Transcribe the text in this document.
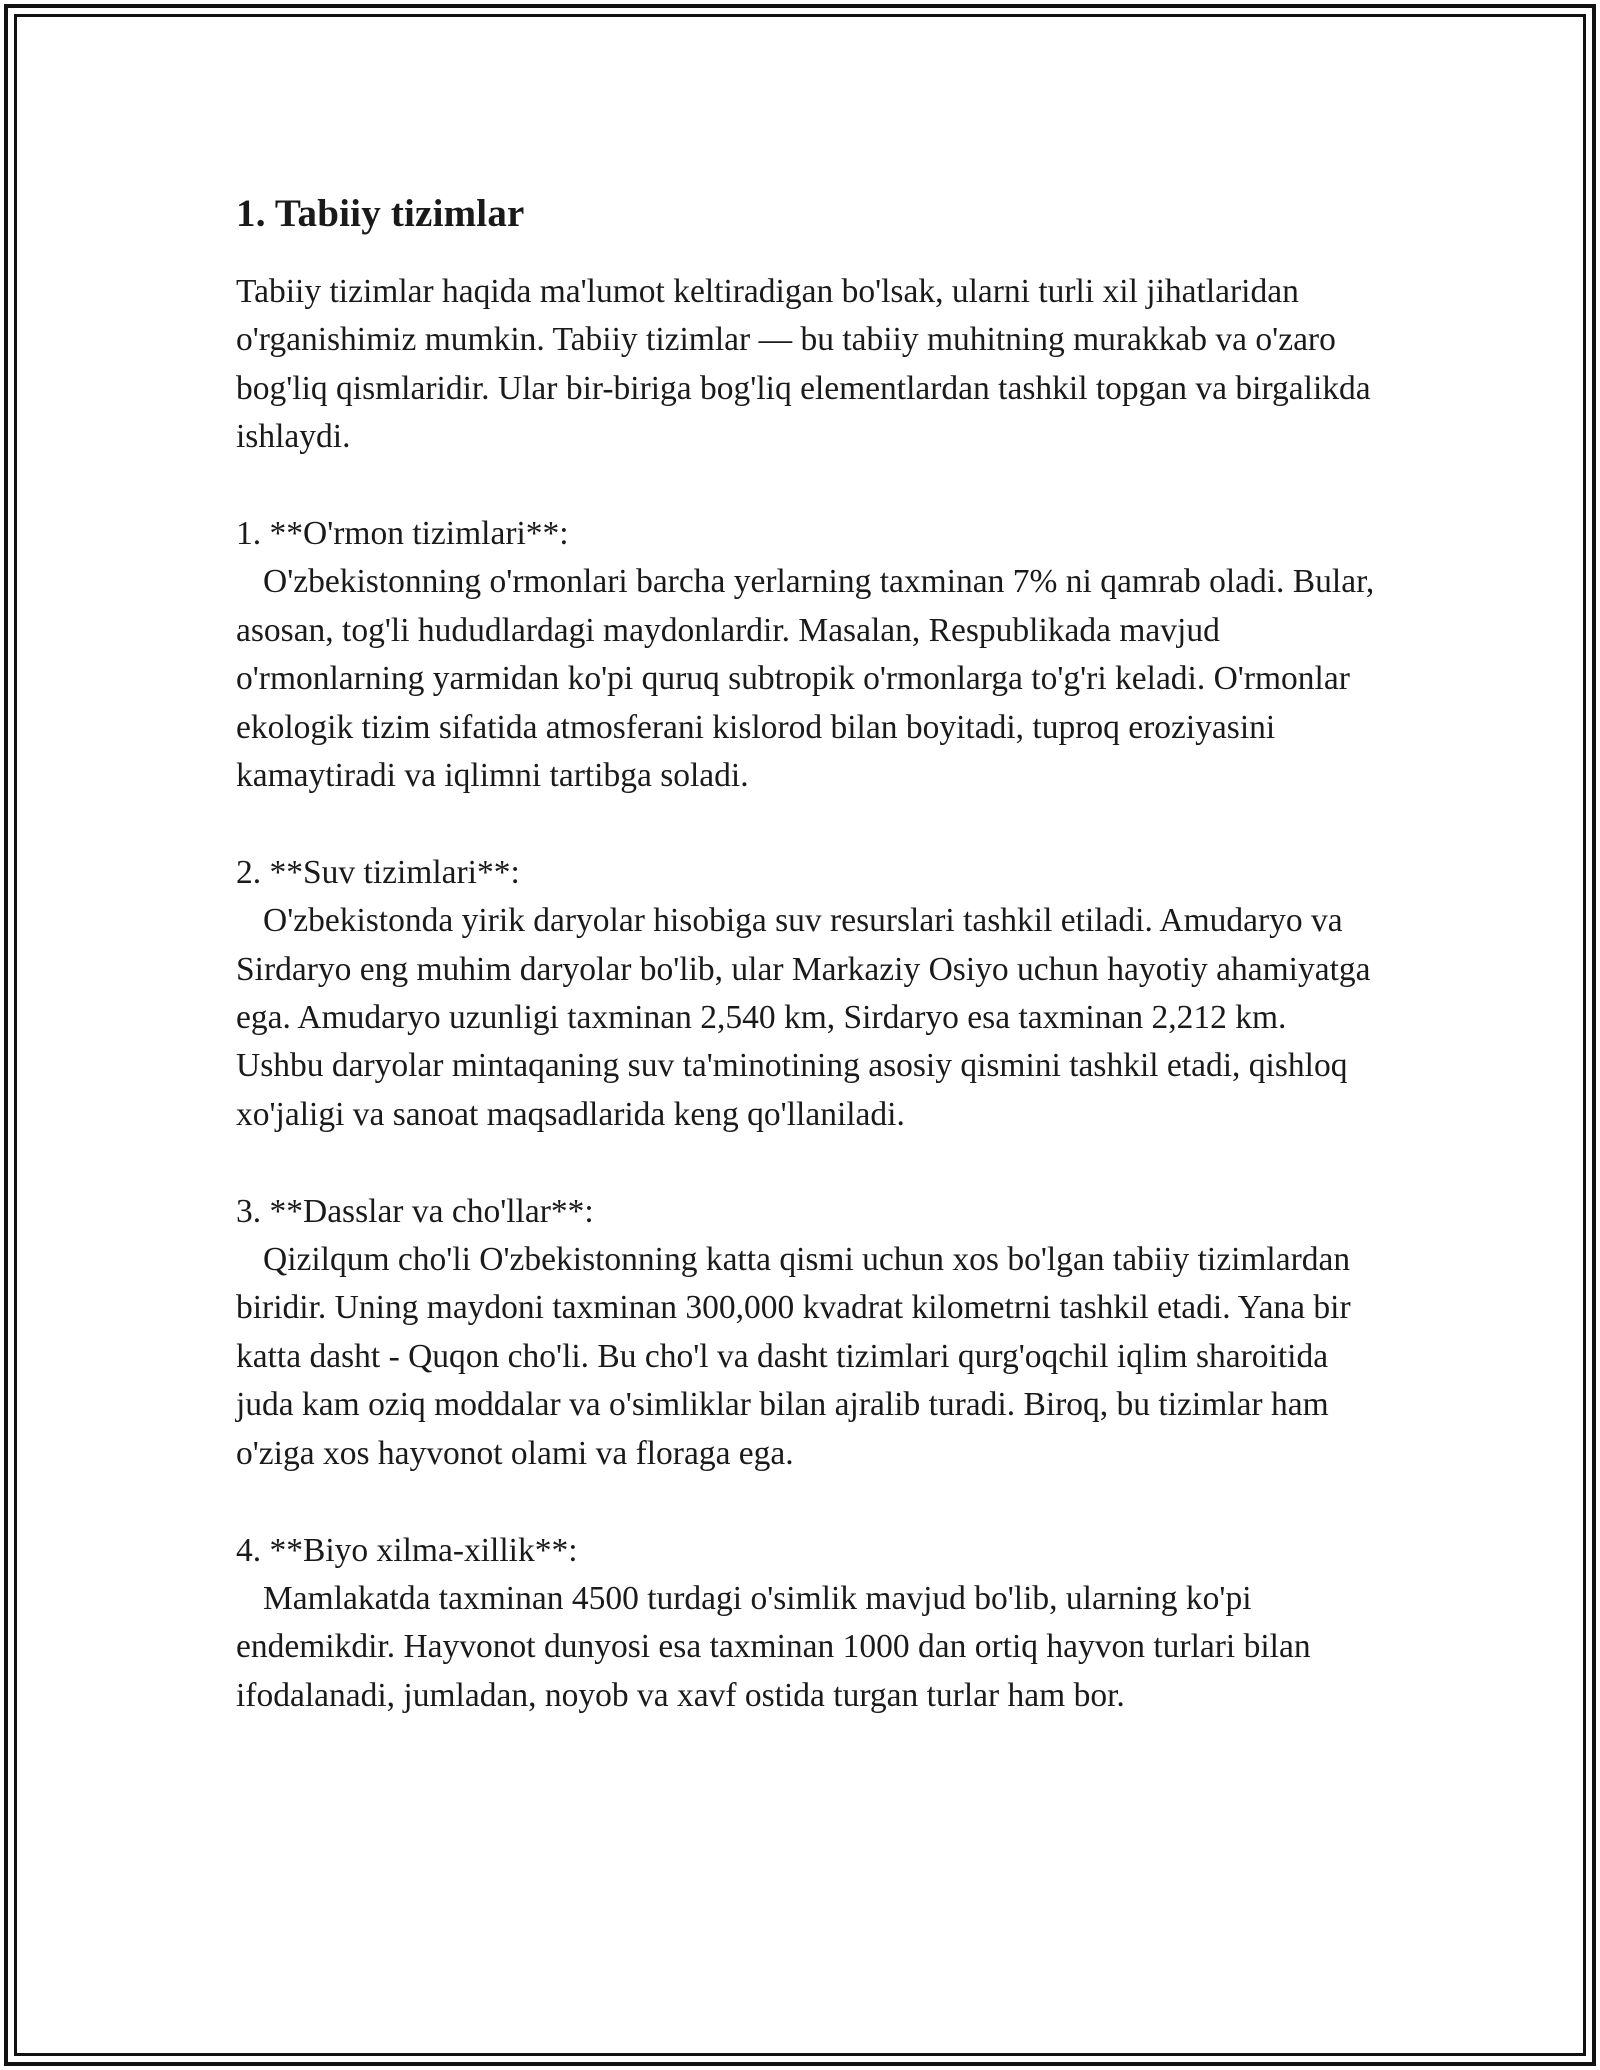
1. Tabiiy tizimlar

Tabiiy tizimlar haqida ma'lumot keltiradigan bo'lsak, ularni turli xil jihatlaridan o'rganishimiz mumkin. Tabiiy tizimlar — bu tabiiy muhitning murakkab va o'zaro bog'liq qismlaridir. Ular bir-biriga bog'liq elementlardan tashkil topgan va birgalikda ishlaydi.

1. **O'rmon tizimlari**:

O'zbekistonning o'rmonlari barcha yerlarning taxminan 7% ni qamrab oladi. Bular, asosan, tog'li hududlardagi maydonlardir. Masalan, Respublikada mavjud o'rmonlarning yarmidan ko'pi quruq subtropik o'rmonlarga to'g'ri keladi. O'rmonlar ekologik tizim sifatida atmosferani kislorod bilan boyitadi, tuproq eroziyasini kamaytiradi va iqlimni tartibga soladi.

2. **Suv tizimlari**:

O'zbekistonda yirik daryolar hisobiga suv resurslari tashkil etiladi. Amudaryo va Sirdaryo eng muhim daryolar bo'lib, ular Markaziy Osiyo uchun hayotiy ahamiyatga ega. Amudaryo uzunligi taxminan 2,540 km, Sirdaryo esa taxminan 2,212 km. Ushbu daryolar mintaqaning suv ta'minotining asosiy qismini tashkil etadi, qishloq xo'jaligi va sanoat maqsadlarida keng qo'llaniladi.

3. **Dasslar va cho'llar**:

Qizilqum cho'li O'zbekistonning katta qismi uchun xos bo'lgan tabiiy tizimlardan biridir. Uning maydoni taxminan 300,000 kvadrat kilometrni tashkil etadi. Yana bir katta dasht - Quqon cho'li. Bu cho'l va dasht tizimlari qurg'oqchil iqlim sharoitida juda kam oziq moddalar va o'simliklar bilan ajralib turadi. Biroq, bu tizimlar ham o'ziga xos hayvonot olami va floraga ega.

4. **Biyo xilma-xillik**:

Mamlakatda taxminan 4500 turdagi o'simlik mavjud bo'lib, ularning ko'pi endemikdir. Hayvonot dunyosi esa taxminan 1000 dan ortiq hayvon turlari bilan ifodalanadi, jumladan, noyob va xavf ostida turgan turlar ham bor.
